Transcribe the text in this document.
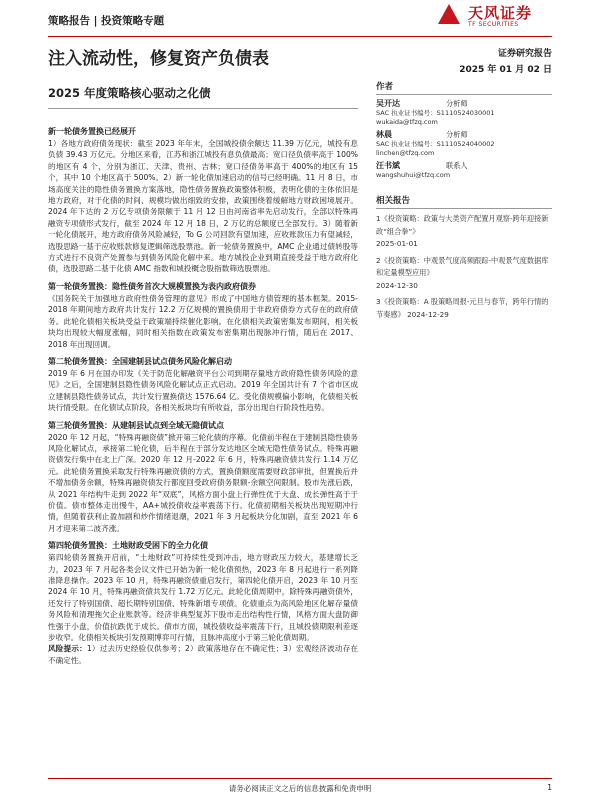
策略报告 | 投资策略专题	天风证券
TF SECURITIES
注入流动性，修复资产负债表	证券研究报告
2025 年 01 月 02 日
2025 年度策略核心驱动之化债
新一轮债务置换已经展开

1）各地方政府债务现状：截至 2023 年年末，全国城投债余额达 11.39 万亿元，城投有息负债 39.43 万亿元。分地区来看，江苏和浙江城投有息负债最高；宽口径负债率高于 100%的地区有 4 个，分别为浙江、天津、贵州、吉林；宽口径债务率高于 400%的地区有 15 个，其中 10 个地区高于 500%。2）新一轮化债加速启动的信号已经明确。11 月 8 日，市场高度关注的隐性债务置换方案落地，隐性债务置换政策整体积极，表明化债的主体依旧是地方政府，对于化债的时间、规模均做出细致的安排，政策围绕着缓解地方财政困境展开。2024 年下达的 2 万亿专项债务限额于 11 月 12 日由河南省率先启动发行，全部以特殊再融资专项债形式发行，截至 2024 年 12 月 18 日，2 万亿的总额度已全部发行。3）随着新一轮化债展开，地方政府债务风险减轻，To G 公司回款有望加速，应收账款压力有望减轻，选股思路一基于应收账款修复逻辑筛选股票池。新一轮债务置换中，AMC 企业通过债转股等方式进行不良资产处置参与到债务风险化解中来。地方城投企业到期直接受益于地方政府化债，选股思路二基于化债 AMC 指数和城投概念股指数筛选股票池。

第一轮债务置换：隐性债务首次大规模置换为表内政府债券

《国务院关于加强地方政府性债务管理的意见》形成了中国地方债管理的基本框架。2015-2018 年期间地方政府共计发行 12.2 万亿规模的置换债用于非政府债券方式存在的政府债务。此轮化债相关板块受益于政策端持续催化影响。在化债相关政策密集发布期间，相关板块均出现较大幅度涨幅，同时相关指数在政策发布密集期出现脉冲行情，随后在 2017、2018 年出现回调。

第二轮债务置换：全国建制县试点债务风险化解启动

2019 年 6 月在国办印发《关于防范化解融资平台公司到期存量地方政府隐性债务风险的意见》之后，全国建制县隐性债务风险化解试点正式启动。2019 年全国共计有 7 个省市区成立建制县隐性债务试点，共计发行置换债达 1576.64 亿。受化债规模偏小影响，化债相关板块行情受限。在化债试点阶段，各相关板块均有所收益，部分出现自行阶段性趋势。

第三轮债务置换：从建制县试点到全域无隐债试点

2020 年 12 月起，“特殊再融资债”掀开第三轮化债的序幕。化债前半程在于建制县隐性债务风险化解试点，承接第二轮化债，后半程在于部分发达地区全域无隐性债务试点。特殊再融资债发行集中在北上广深。2020 年 12 月-2022 年 6 月，特殊再融资债共发行 1.14 万亿元。此轮债务置换采取发行特殊再融资债的方式，置换债额度需要财政部审批，但置换后并不增加债务余额，特殊再融资债发行都度回受政府债务限额-余额空间限制。股市先涨后跌，从 2021 年结构牛走到 2022 年“双底”，风格方面小盘上行弹性优于大盘、成长弹性高于于价值。债市整体走出慢牛，AA+城投债收益率震荡下行。化债初期相关板块出现短期冲行情，但随着获利止盈加剧和炒作情绪退潮，2021 年 3 月起板块分化加剧，直至 2021 年 6 月才迎来第二波齐涨。

第四轮债务置换：土地财政受困下的全力化债

第四轮债务置换开启前，“土地财政”可持续性受到冲击，地方财政压力较大，基建增长乏力，2023 年 7 月起各类会议文件已开始为新一轮化债预热，2023 年 8 月起进行一系列降准降息操作。2023 年 10 月，特殊再融资债重启发行，第四轮化债开启，2023 年 10 月至 2024 年 10 月，特殊再融资债共发行 1.72 万亿元。此轮化债周期中，除特殊再融资债外，还发行了特别国债、超长期特别国债、特殊新增专项债。化债重点为高风险地区化解存量债务风险和清理拖欠企业账款等。经济非典型复苏下股市走出结构性行情，风格方面大盘防御性强于小盘，价值抗跌优于成长。债市方面，城投债收益率震荡下行，且城投债期限利差逐步收窄。化债相关板块引发预期博弈可行情，且脉冲高度小于第三轮化债周期。

风险提示：1）过去历史经验仅供参考；2）政策落地存在不确定性；3）宏观经济波动存在不确定性。

作者
吴开达	分析师
SAC 执业证书编号：S1110524030001
wukaida@tfzq.com
林晨	分析师
SAC 执业证书编号：S1110524040002
linchen@tfzq.com
汪书斌	联系人
wangshuhui@tfzq.com
相关报告
1《投资策略：政策与大类资产配置月观察-跨年迎接新政“组合拳”》
2025-01-01
2《投资策略：中观景气度高频跟踪-中观景气度数据库和定量模型应用》
2024-12-30
3《投资策略：A 股策略周报-元旦与春节，跨年行情的节奏感》 2024-12-29
请务必阅读正文之后的信息披露和免责申明	1
